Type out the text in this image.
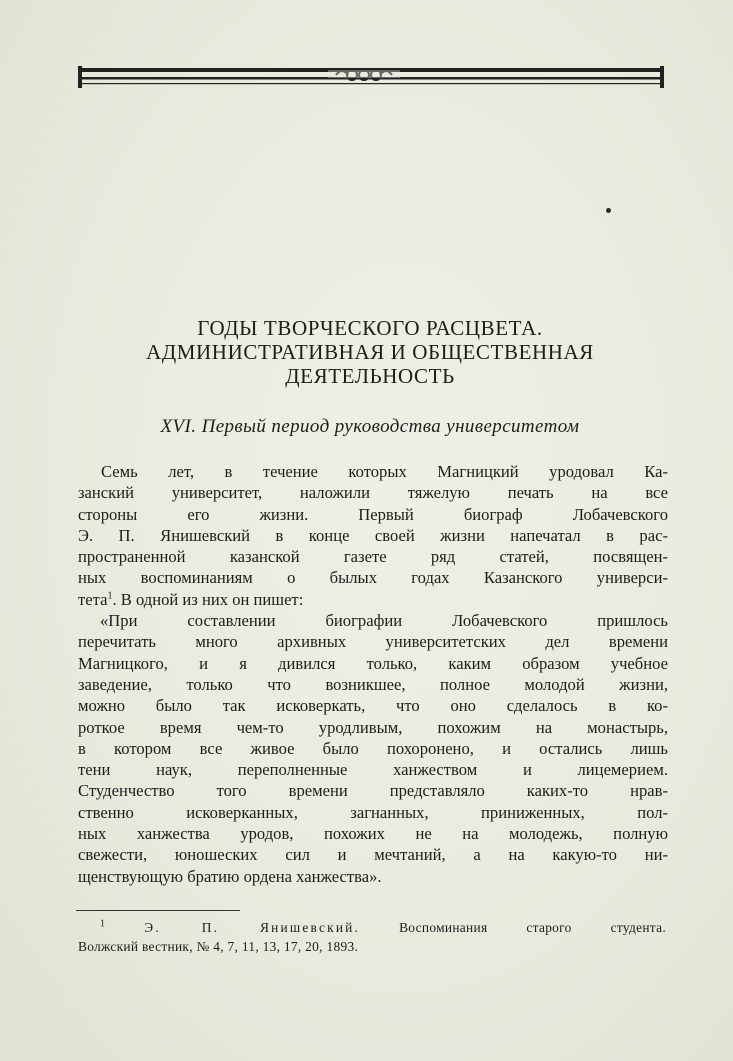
ГОДЫ ТВОРЧЕСКОГО РАСЦВЕТА.
АДМИНИСТРАТИВНАЯ И ОБЩЕСТВЕННАЯ
ДЕЯТЕЛЬНОСТЬ
XVI. Первый период руководства университетом
Семь лет, в течение которых Магницкий уродовал Ка-
занский университет, наложили тяжелую печать на все
стороны его жизни. Первый биограф Лобачевского
Э. П. Янишевский в конце своей жизни напечатал в рас-
пространенной казанской газете ряд статей, посвящен-
ных воспоминаниям о былых годах Казанского универси-
тета$^1$. В одной из них он пишет:
«При составлении биографии Лобачевского пришлось
перечитать много архивных университетских дел времени
Магницкого, и я дивился только, каким образом учебное
заведение, только что возникшее, полное молодой жизни,
можно было так исковеркать, что оно сделалось в ко-
роткое время чем-то уродливым, похожим на монастырь,
в котором все живое было похоронено, и остались лишь
тени наук, переполненные ханжеством и лицемерием.
Студенчество того времени представляло каких-то нрав-
ственно исковерканных, загнанных, приниженных, пол-
ных ханжества уродов, похожих не на молодежь, полную
свежести, юношеских сил и мечтаний, а на какую-то ни-
щенствующую братию ордена ханжества».
$^1$	Э. П. Янишевский.	Воспоминания старого студента.
Волжский вестник, № 4, 7, 11, 13, 17, 20, 1893.
